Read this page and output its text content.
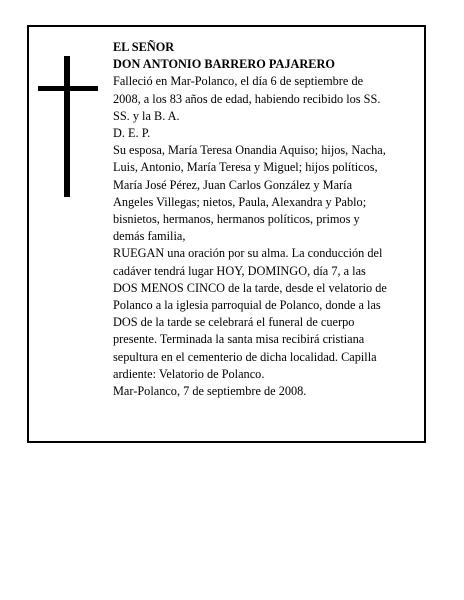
EL SEÑOR
DON ANTONIO BARRERO PAJARERO
Falleció en Mar-Polanco, el día 6 de septiembre de
2008, a los 83 años de edad, habiendo recibido los SS.
SS. y la B. A.
D. E. P.
Su esposa, María Teresa Onandia Aquiso; hijos, Nacha,
Luis, Antonio, María Teresa y Miguel; hijos políticos,
María José Pérez, Juan Carlos González y María
Angeles Villegas; nietos, Paula, Alexandra y Pablo;
bisnietos, hermanos, hermanos políticos, primos y
demás familia,
RUEGAN una oración por su alma. La conducción del
cadáver tendrá lugar HOY, DOMINGO, día 7, a las
DOS MENOS CINCO de la tarde, desde el velatorio de
Polanco a la iglesia parroquial de Polanco, donde a las
DOS de la tarde se celebrará el funeral de cuerpo
presente. Terminada la santa misa recibirá cristiana
sepultura en el cementerio de dicha localidad. Capilla
ardiente: Velatorio de Polanco.
Mar-Polanco, 7 de septiembre de 2008.
